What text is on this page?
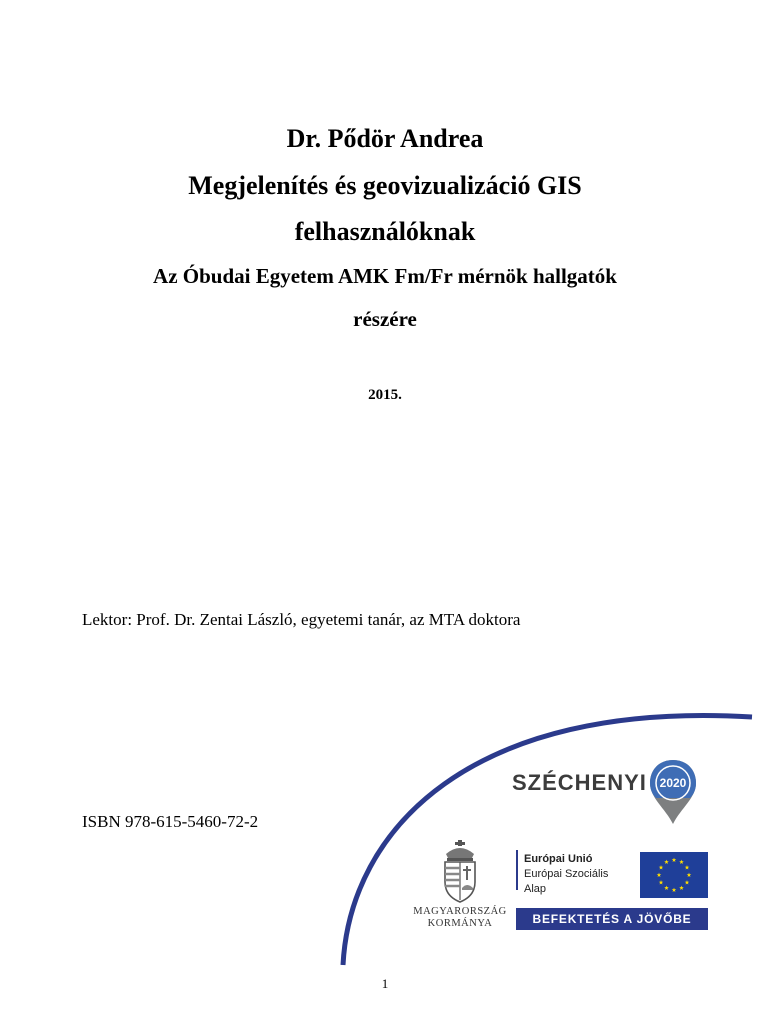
Dr. Pődör Andrea
Megjelenítés és geovizualizáció GIS
felhasználóknak
Az Óbudai Egyetem AMK Fm/Fr mérnök hallgatók
részére
2015.
Lektor: Prof. Dr. Zentai László, egyetemi tanár, az MTA doktora
ISBN 978-615-5460-72-2
SZÉCHENYI	2020
MAGYARORSZÁG
KORMÁNYA
Európai Unió
Európai Szociális
Alap
BEFEKTETÉS A JÖVŐBE
1
